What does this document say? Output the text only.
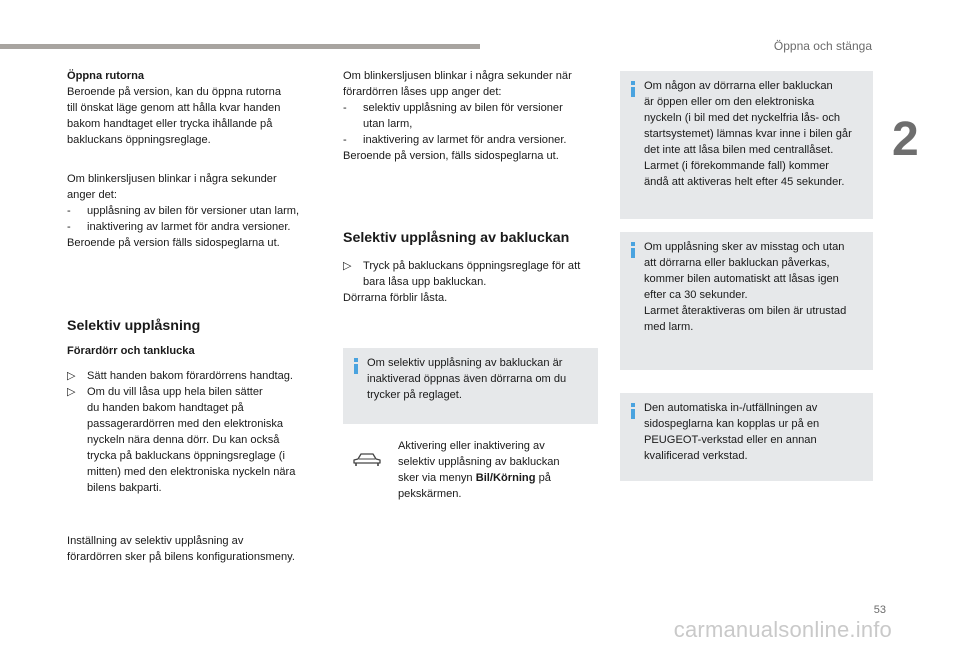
Öppna och stänga
2

Öppna rutorna

Beroende på version, kan du öppna rutorna

till önskat läge genom att hålla kvar handen

bakom handtaget eller trycka ihållande på

bakluckans öppningsreglage.

Om blinkersljusen blinkar i några sekunder

anger det:

- upplåsning av bilen för versioner utan larm,

- inaktivering av larmet för andra versioner.

Beroende på version fälls sidospeglarna ut.

Selektiv upplåsning
Förardörr och tanklucka

▷ Sätt handen bakom förardörrens handtag.

▷ Om du vill låsa upp hela bilen sätter

du handen bakom handtaget på

passagerardörren med den elektroniska

nyckeln nära denna dörr. Du kan också

trycka på bakluckans öppningsreglage (i

mitten) med den elektroniska nyckeln nära

bilens bakparti.

Inställning av selektiv upplåsning av

förardörren sker på bilens konfigurationsmeny.

Om blinkersljusen blinkar i några sekunder när

förardörren låses upp anger det:

- selektiv upplåsning av bilen för versioner

utan larm,

- inaktivering av larmet för andra versioner.

Beroende på version, fälls sidospeglarna ut.

Selektiv upplåsning av bakluckan
▷ Tryck på bakluckans öppningsreglage för att

bara låsa upp bakluckan.

Dörrarna förblir låsta.

Om selektiv upplåsning av bakluckan är

inaktiverad öppnas även dörrarna om du

trycker på reglaget.

Aktivering eller inaktivering av

selektiv upplåsning av bakluckan

sker via menyn Bil/Körning på

pekskärmen.

Om någon av dörrarna eller bakluckan

är öppen eller om den elektroniska

nyckeln (i bil med det nyckelfria lås- och

startsystemet) lämnas kvar inne i bilen går

det inte att låsa bilen med centrallåset.

Larmet (i förekommande fall) kommer

ändå att aktiveras helt efter 45 sekunder.

Om upplåsning sker av misstag och utan

att dörrarna eller bakluckan påverkas,

kommer bilen automatiskt att låsas igen

efter ca 30 sekunder.

Larmet återaktiveras om bilen är utrustad

med larm.

Den automatiska in-/utfällningen av

sidospeglarna kan kopplas ur på en

PEUGEOT-verkstad eller en annan

kvalificerad verkstad.

53
carmanualsonline.info
